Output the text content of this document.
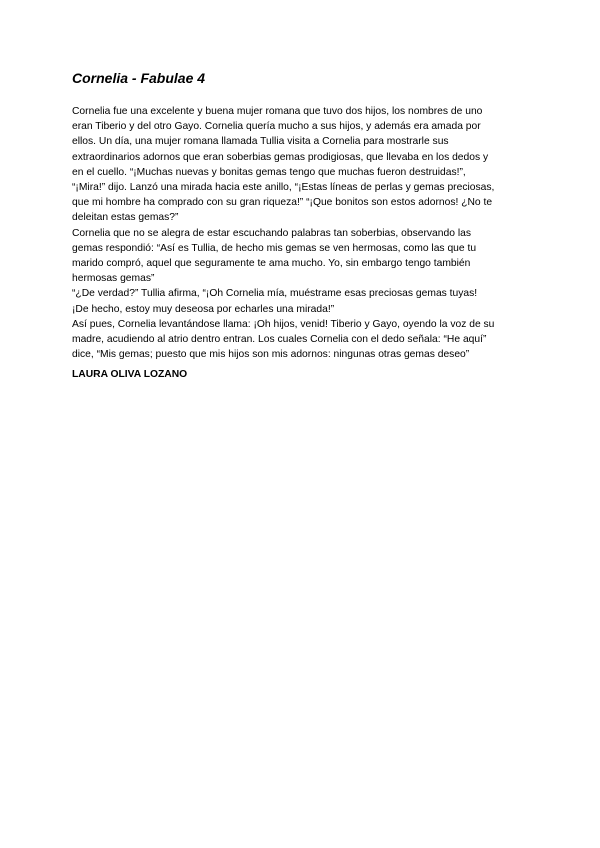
Cornelia - Fabulae 4
Cornelia fue una excelente y buena mujer romana que tuvo dos hijos, los nombres de uno
eran Tiberio y del otro Gayo. Cornelia quería mucho a sus hijos, y además era amada por
ellos. Un día, una mujer romana llamada Tullia visita a Cornelia para mostrarle sus
extraordinarios adornos que eran soberbias gemas prodigiosas, que llevaba en los dedos y
en el cuello. “¡Muchas nuevas y bonitas gemas tengo que muchas fueron destruidas!”,
“¡Mira!” dijo. Lanzó una mirada hacia este anillo, “¡Estas líneas de perlas y gemas preciosas,
que mi hombre ha comprado con su gran riqueza!” “¡Que bonitos son estos adornos! ¿No te
deleitan estas gemas?”
Cornelia que no se alegra de estar escuchando palabras tan soberbias, observando las
gemas respondió: “Así es Tullia, de hecho mis gemas se ven hermosas, como las que tu
marido compró, aquel que seguramente te ama mucho. Yo, sin embargo tengo también
hermosas gemas”
“¿De verdad?” Tullia afirma, “¡Oh Cornelia mía, muéstrame esas preciosas gemas tuyas!
¡De hecho, estoy muy deseosa por echarles una mirada!”
Así pues, Cornelia levantándose llama: ¡Oh hijos, venid! Tiberio y Gayo, oyendo la voz de su
madre, acudiendo al atrio dentro entran. Los cuales Cornelia con el dedo señala: “He aquí”
dice, “Mis gemas; puesto que mis hijos son mis adornos: ningunas otras gemas deseo”

LAURA OLIVA LOZANO
